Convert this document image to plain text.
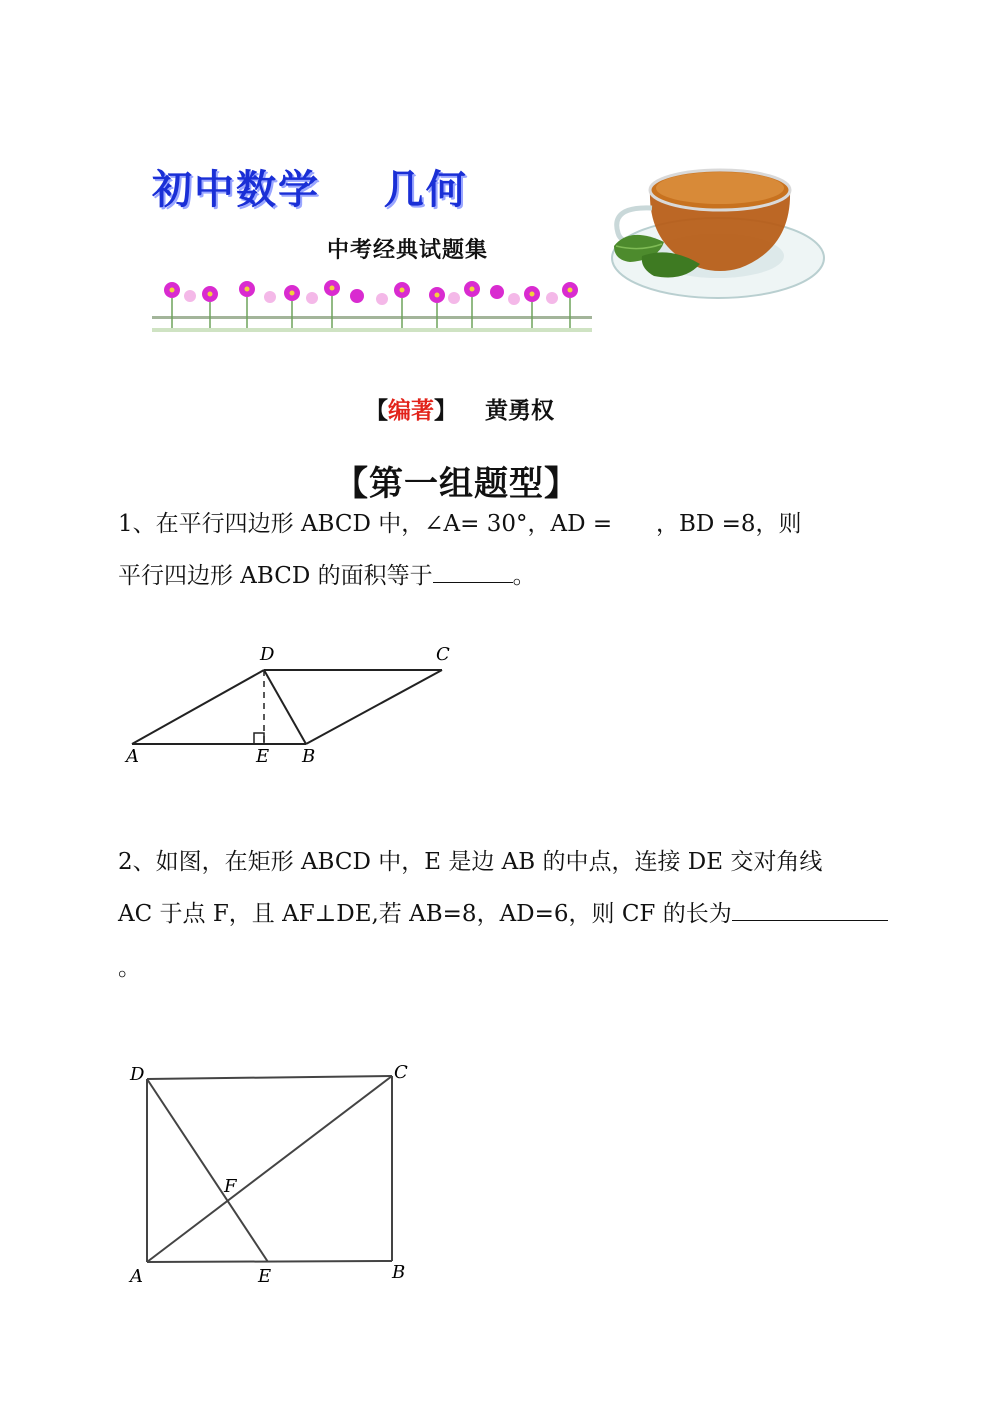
初中数学    几何
中考经典试题集
【编著】 黄勇权
【第一组题型】
1、在平行四边形 ABCD 中，∠A= 30°，AD =      ，BD =8，则
平行四边形 ABCD 的面积等于	。
A	E B
D	C
2、如图，在矩形 ABCD 中，E 是边 AB 的中点，连接 DE 交对角线
AC 于点 F，且 AF⊥DE,若 AB=8，AD=6，则 CF 的长为
。
D	C
F
A	E	B
